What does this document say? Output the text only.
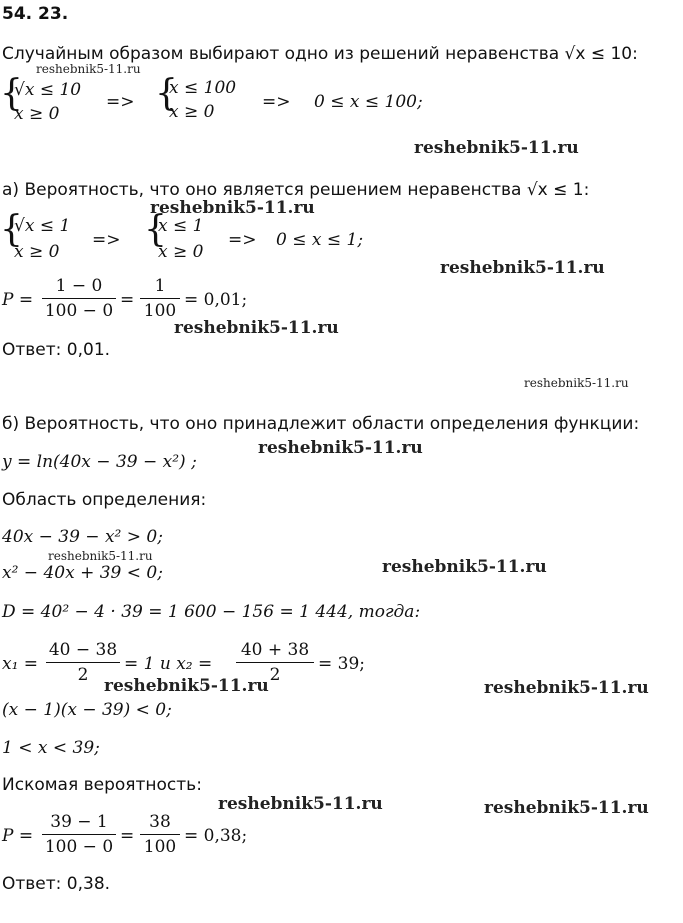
54. 23.
Случайным образом выбирают одно из решений неравенства √x ≤ 10:
{
√x ≤ 10
x ≥ 0
=> {
x ≤ 100
x ≥ 0	=> 0 ≤ x ≤ 100;
а) Вероятность, что оно является решением неравенства √x ≤ 1:
{
√x ≤ 1
x ≥ 0
=> {
x ≤ 1
x ≥ 0
=> 0 ≤ x ≤ 1;
P =
1 − 0
100 − 0
=
1
100
= 0,01;
Ответ: 0,01.
б) Вероятность, что оно принадлежит области определения функции:
y = ln(40x − 39 − x²) ;
Область определения:
40x − 39 − x² > 0;
x² − 40x + 39 < 0;
D = 40² − 4 · 39 = 1 600 − 156 = 1 444, тогда:
x₁ =
40 − 38
2
= 1 и x₂ =
40 + 38
2
= 39;
(x − 1)(x − 39) < 0;
1 < x < 39;
Искомая вероятность:
P =
39 − 1
100 − 0
=
38
100
= 0,38;
Ответ: 0,38.
reshebnik5-11.ru
reshebnik5-11.ru
reshebnik5-11.ru
reshebnik5-11.ru
reshebnik5-11.ru
reshebnik5-11.ru
reshebnik5-11.ru
reshebnik5-11.ru
reshebnik5-11.ru
reshebnik5-11.ru	reshebnik5-11.ru
reshebnik5-11.ru	reshebnik5-11.ru
